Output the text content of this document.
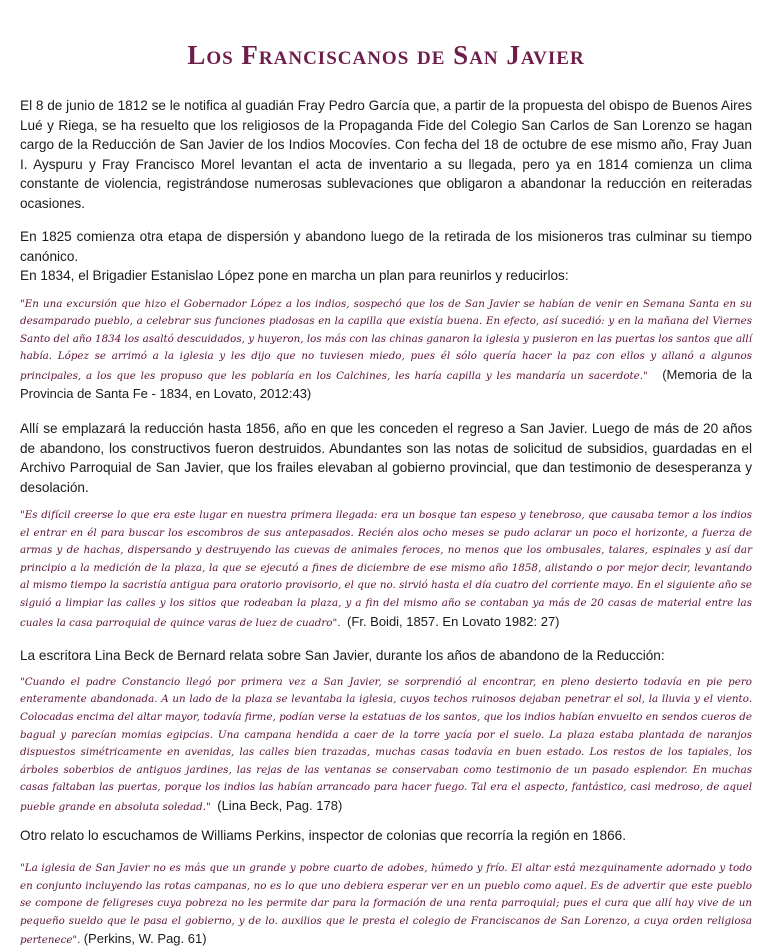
Los Franciscanos de San Javier

El 8 de junio de 1812 se le notifica al guadián Fray Pedro García que, a partir de la propuesta del obispo de Buenos Aires Lué y Riega, se ha resuelto que los religiosos de la Propaganda Fide del Colegio San Carlos de San Lorenzo se hagan cargo de la Reducción de San Javier de los Indios Mocovíes. Con fecha del 18 de octubre de ese mismo año, Fray Juan I. Ayspuru y Fray Francisco Morel levantan el acta de inventario a su llegada, pero ya en 1814 comienza un clima constante de violencia, registrándose numerosas sublevaciones que obligaron a abandonar la reducción en reiteradas ocasiones.

En 1825 comienza otra etapa de dispersión y abandono luego de la retirada de los misioneros tras culminar su tiempo canónico.
En 1834, el Brigadier Estanislao López pone en marcha un plan para reunirlos y reducirlos:

"En una excursión que hizo el Gobernador López a los indios, sospechó que los de San Javier se habían de venir en Semana Santa en su desamparado pueblo, a celebrar sus funciones piadosas en la capilla que existía buena. En efecto, así sucedió: y en la mañana del Viernes Santo del año 1834 los asaltó descuidados, y huyeron, los más con las chinas ganaron la iglesia y pusieron en las puertas los santos que allí había. López se arrimó a la iglesia y les dijo que no tuviesen miedo, pues él sólo quería hacer la paz con ellos y allanó a algunos principales, a los que les propuso que les poblaría en los Calchines, les haría capilla y les mandaría un sacerdote." (Memoria de la Provincia de Santa Fe - 1834, en Lovato, 2012:43)

Allí se emplazará la reducción hasta 1856, año en que les conceden el regreso a San Javier. Luego de más de 20 años de abandono, los constructivos fueron destruidos. Abundantes son las notas de solicitud de subsidios, guardadas en el Archivo Parroquial de San Javier, que los frailes elevaban al gobierno provincial, que dan testimonio de desesperanza y desolación.

"Es difícil creerse lo que era este lugar en nuestra primera llegada: era un bosque tan espeso y tenebroso, que causaba temor a los indios el entrar en él para buscar los escombros de sus antepasados. Recién alos ocho meses se pudo aclarar un poco el horizonte, a fuerza de armas y de hachas, dispersando y destruyendo las cuevas de animales feroces, no menos que los ombusales, talares, espinales y así dar principio a la medición de la plaza, la que se ejecutó a fines de diciembre de ese mismo año 1858, alistando o por mejor decir, levantando al mismo tiempo la sacristía antigua para oratorio provisorio, el que no. sirvió hasta el día cuatro del corriente mayo. En el siguiente año se siguió a limpiar las calles y los sitios que rodeaban la plaza, y a fin del mismo año se contaban ya más de 20 casas de material entre las cuales la casa parroquial de quince varas de luez de cuadro". (Fr. Boidi, 1857. En Lovato 1982: 27)

La escritora Lina Beck de Bernard relata sobre San Javier, durante los años de abandono de la Reducción:

"Cuando el padre Constancio llegó por primera vez a San Javier, se sorprendió al encontrar, en pleno desierto todavía en pie pero enteramente abandonada. A un lado de la plaza se levantaba la iglesia, cuyos techos ruinosos dejaban penetrar el sol, la lluvia y el viento. Colocadas encima del altar mayor, todavía firme, podían verse la estatuas de los santos, que los indios habían envuelto en sendos cueros de bagual y parecían momias egipcias. Una campana hendida a caer de la torre yacía por el suelo. La plaza estaba plantada de naranjos dispuestos simétricamente en avenidas, las calles bien trazadas, muchas casas todavía en buen estado. Los restos de los tapiales, los árboles soberbios de antiguos jardines, las rejas de las ventanas se conservaban como testimonio de un pasado esplendor. En muchas casas faltaban las puertas, porque los indios las habían arrancado para hacer fuego. Tal era el aspecto, fantástico, casi medroso, de aquel pueble grande en absoluta soledad." (Lina Beck, Pag. 178)

Otro relato lo escuchamos de Williams Perkins, inspector de colonias que recorría la región en 1866.

"La iglesia de San Javier no es más que un grande y pobre cuarto de adobes, húmedo y frío. El altar está mezquinamente adornado y todo en conjunto incluyendo las rotas campanas, no es lo que uno debiera esperar ver en un pueblo como aquel. Es de advertir que este pueblo se compone de feligreses cuya pobreza no les permite dar para la formación de una renta parroquial; pues el cura que allí hay vive de un pequeño sueldo que le pasa el gobierno, y de lo. auxilios que le presta el colegio de Franciscanos de San Lorenzo, a cuya orden religiosa pertenece". (Perkins, W. Pag. 61)
